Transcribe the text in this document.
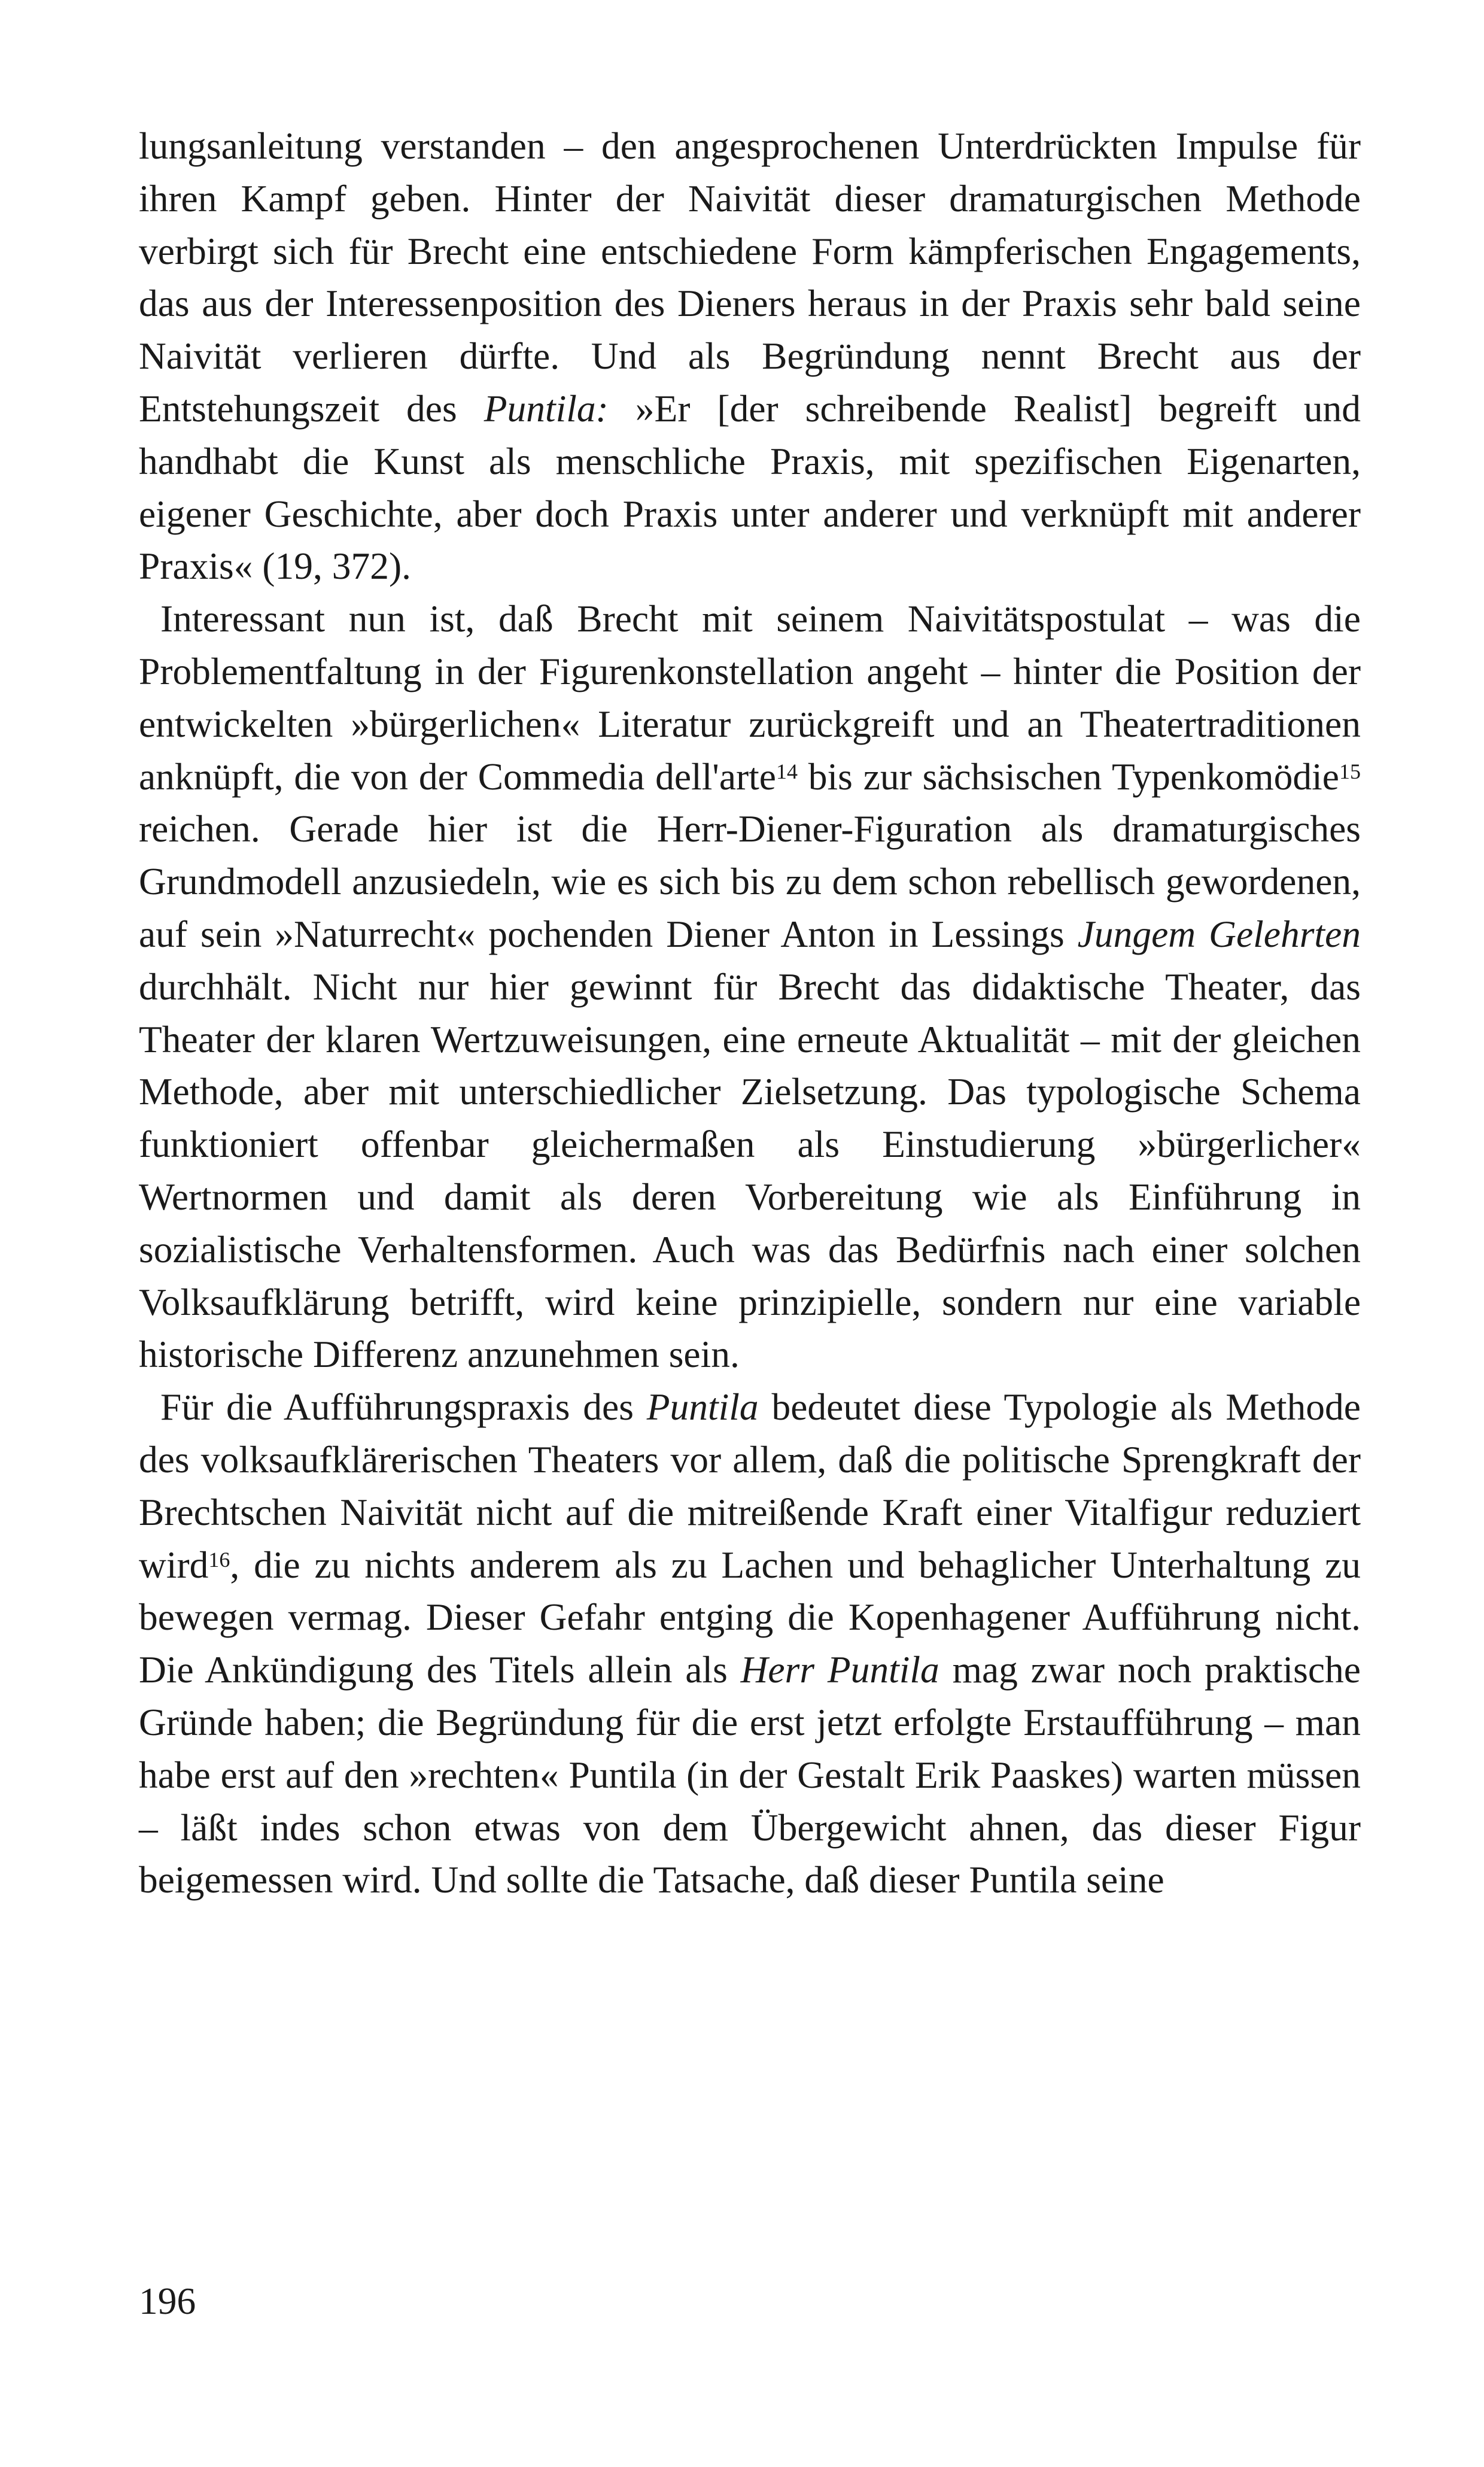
lungsanleitung verstanden – den angesprochenen Unterdrückten Impulse für ihren Kampf geben. Hinter der Naivität dieser dramaturgischen Methode verbirgt sich für Brecht eine entschiedene Form kämpferischen Engagements, das aus der Interessenposition des Dieners heraus in der Praxis sehr bald seine Naivität verlieren dürfte. Und als Begründung nennt Brecht aus der Entstehungszeit des Puntila: »Er [der schreibende Realist] begreift und handhabt die Kunst als menschliche Praxis, mit spezifischen Eigenarten, eigener Geschichte, aber doch Praxis unter anderer und verknüpft mit anderer Praxis« (19, 372).

Interessant nun ist, daß Brecht mit seinem Naivitätspostulat – was die Problementfaltung in der Figurenkonstellation angeht – hinter die Position der entwickelten »bürgerlichen« Literatur zurückgreift und an Theatertraditionen anknüpft, die von der Commedia dell'arte$^{14}$ bis zur sächsischen Typenkomödie$^{15}$ reichen. Gerade hier ist die Herr-Diener-Figuration als dramaturgisches Grundmodell anzusiedeln, wie es sich bis zu dem schon rebellisch gewordenen, auf sein »Naturrecht« pochenden Diener Anton in Lessings Jungem Gelehrten durchhält. Nicht nur hier gewinnt für Brecht das didaktische Theater, das Theater der klaren Wertzuweisungen, eine erneute Aktualität – mit der gleichen Methode, aber mit unterschiedlicher Zielsetzung. Das typologische Schema funktioniert offenbar gleichermaßen als Einstudierung »bürgerlicher« Wertnormen und damit als deren Vorbereitung wie als Einführung in sozialistische Verhaltensformen. Auch was das Bedürfnis nach einer solchen Volksaufklärung betrifft, wird keine prinzipielle, sondern nur eine variable historische Differenz anzunehmen sein.

Für die Aufführungspraxis des Puntila bedeutet diese Typologie als Methode des volksaufklärerischen Theaters vor allem, daß die politische Sprengkraft der Brechtschen Naivität nicht auf die mitreißende Kraft einer Vitalfigur reduziert wird$^{16}$, die zu nichts anderem als zu Lachen und behaglicher Unterhaltung zu bewegen vermag. Dieser Gefahr entging die Kopenhagener Aufführung nicht. Die Ankündigung des Titels allein als Herr Puntila mag zwar noch praktische Gründe haben; die Begründung für die erst jetzt erfolgte Erstaufführung – man habe erst auf den »rechten« Puntila (in der Gestalt Erik Paaskes) warten müssen – läßt indes schon etwas von dem Übergewicht ahnen, das dieser Figur beigemessen wird. Und sollte die Tatsache, daß dieser Puntila seine

196
